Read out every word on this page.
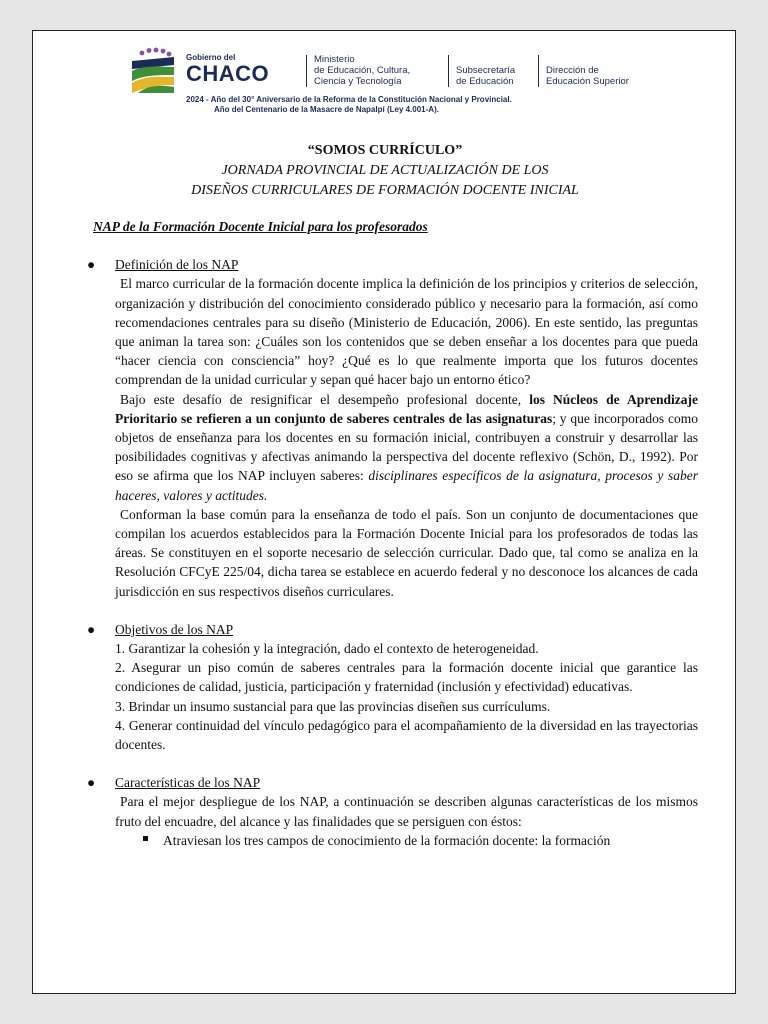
Gobierno del
CHACO
Ministerio
de Educación, Cultura,
Ciencia y Tecnología
Subsecretaría
de Educación
Dirección de
Educación Superior
2024 - Año del 30° Aniversario de la Reforma de la Constitución Nacional y Provincial.
Año del Centenario de la Masacre de Napalpí (Ley 4.001-A).
“SOMOS CURRÍCULO”
JORNADA PROVINCIAL DE ACTUALIZACIÓN DE LOS
DISEÑOS CURRICULARES DE FORMACIÓN DOCENTE INICIAL
NAP de la Formación Docente Inicial para los profesorados
● Definición de los NAP

El marco curricular de la formación docente implica la definición de los principios y criterios de selección, organización y distribución del conocimiento considerado público y necesario para la formación, así como recomendaciones centrales para su diseño (Ministerio de Educación, 2006). En este sentido, las preguntas que animan la tarea son: ¿Cuáles son los contenidos que se deben enseñar a los docentes para que pueda “hacer ciencia con consciencia” hoy? ¿Qué es lo que realmente importa que los futuros docentes comprendan de la unidad curricular y sepan qué hacer bajo un entorno ético?

Bajo este desafío de resignificar el desempeño profesional docente, los Núcleos de Aprendizaje Prioritario se refieren a un conjunto de saberes centrales de las asignaturas; y que incorporados como objetos de enseñanza para los docentes en su formación inicial, contribuyen a construir y desarrollar las posibilidades cognitivas y afectivas animando la perspectiva del docente reflexivo (Schön, D., 1992). Por eso se afirma que los NAP incluyen saberes: disciplinares específicos de la asignatura, procesos y saber haceres, valores y actitudes.

Conforman la base común para la enseñanza de todo el país. Son un conjunto de documentaciones que compilan los acuerdos establecidos para la Formación Docente Inicial para los profesorados de todas las áreas. Se constituyen en el soporte necesario de selección curricular. Dado que, tal como se analiza en la Resolución CFCyE 225/04, dicha tarea se establece en acuerdo federal y no desconoce los alcances de cada jurisdicción en sus respectivos diseños curriculares.

● Objetivos de los NAP

1. Garantizar la cohesión y la integración, dado el contexto de heterogeneidad.

2. Asegurar un piso común de saberes centrales para la formación docente inicial que garantice las condiciones de calidad, justicia, participación y fraternidad (inclusión y efectividad) educativas.

3. Brindar un insumo sustancial para que las provincias diseñen sus currículums.

4. Generar continuidad del vínculo pedagógico para el acompañamiento de la diversidad en las trayectorias docentes.

● Características de los NAP

Para el mejor despliegue de los NAP, a continuación se describen algunas características de los mismos fruto del encuadre, del alcance y las finalidades que se persiguen con éstos:

Atraviesan los tres campos de conocimiento de la formación docente: la formación
